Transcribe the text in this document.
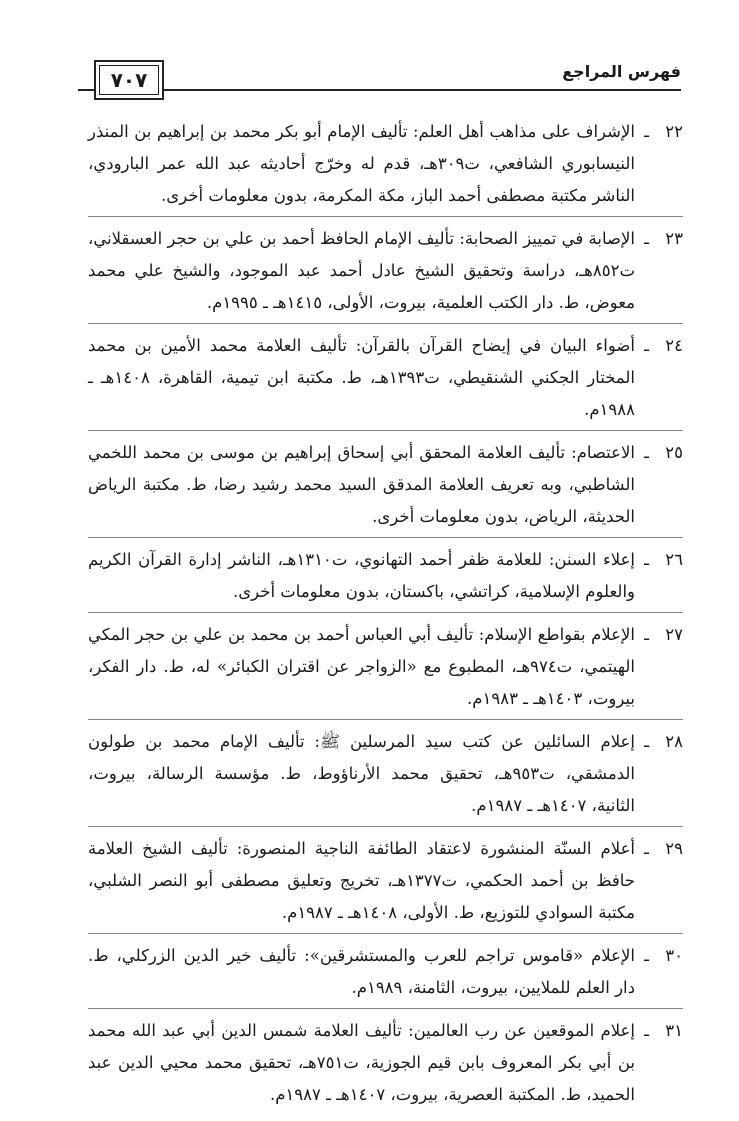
٧٠٧	فهرس المراجع
٢٢
ـ
الإشراف على مذاهب أهل العلم: تأليف الإمام أبو بكر محمد بن إبراهيم بن المنذر النيسابوري الشافعي، ت٣٠٩هـ، قدم له وخرّج أحاديثه عبد الله عمر البارودي، الناشر مكتبة مصطفى أحمد الباز، مكة المكرمة، بدون معلومات أخرى.
٢٣
ـ
الإصابة في تمييز الصحابة: تأليف الإمام الحافظ أحمد بن علي بن حجر العسقلاني، ت٨٥٢هـ، دراسة وتحقيق الشيخ عادل أحمد عبد الموجود، والشيخ علي محمد معوض، ط. دار الكتب العلمية، بيروت، الأولى، ١٤١٥هـ ـ ١٩٩٥م.
٢٤
ـ
أضواء البيان في إيضاح القرآن بالقرآن: تأليف العلامة محمد الأمين بن محمد المختار الجكني الشنقيطي، ت١٣٩٣هـ، ط. مكتبة ابن تيمية، القاهرة، ١٤٠٨هـ ـ ١٩٨٨م.
٢٥
ـ
الاعتصام: تأليف العلامة المحقق أبي إسحاق إبراهيم بن موسى بن محمد اللخمي الشاطبي، وبه تعريف العلامة المدقق السيد محمد رشيد رضا، ط. مكتبة الرياض الحديثة، الرياض، بدون معلومات أخرى.
٢٦
ـ
إعلاء السنن: للعلامة ظفر أحمد التهانوي، ت١٣١٠هـ، الناشر إدارة القرآن الكريم والعلوم الإسلامية، كراتشي، باكستان، بدون معلومات أخرى.
٢٧
ـ
الإعلام بقواطع الإسلام: تأليف أبي العباس أحمد بن محمد بن علي بن حجر المكي الهيتمي، ت٩٧٤هـ، المطبوع مع «الزواجر عن اقتران الكبائر» له، ط. دار الفكر، بيروت، ١٤٠٣هـ ـ ١٩٨٣م.
٢٨
ـ
إعلام السائلين عن كتب سيد المرسلين ﷺ: تأليف الإمام محمد بن طولون الدمشقي، ت٩٥٣هـ، تحقيق محمد الأرناؤوط، ط. مؤسسة الرسالة، بيروت، الثانية، ١٤٠٧هـ ـ ١٩٨٧م.
٢٩
ـ
أعلام السنّة المنشورة لاعتقاد الطائفة الناجية المنصورة: تأليف الشيخ العلامة حافظ بن أحمد الحكمي، ت١٣٧٧هـ، تخريج وتعليق مصطفى أبو النصر الشلبي، مكتبة السوادي للتوزيع، ط. الأولى، ١٤٠٨هـ ـ ١٩٨٧م.
٣٠
ـ
الإعلام «قاموس تراجم للعرب والمستشرقين»: تأليف خير الدين الزركلي، ط. دار العلم للملايين، بيروت، الثامنة، ١٩٨٩م.
٣١
ـ
إعلام الموقعين عن رب العالمين: تأليف العلامة شمس الدين أبي عبد الله محمد بن أبي بكر المعروف بابن قيم الجوزية، ت٧٥١هـ، تحقيق محمد محيي الدين عبد الحميد، ط. المكتبة العصرية، بيروت، ١٤٠٧هـ ـ ١٩٨٧م.
